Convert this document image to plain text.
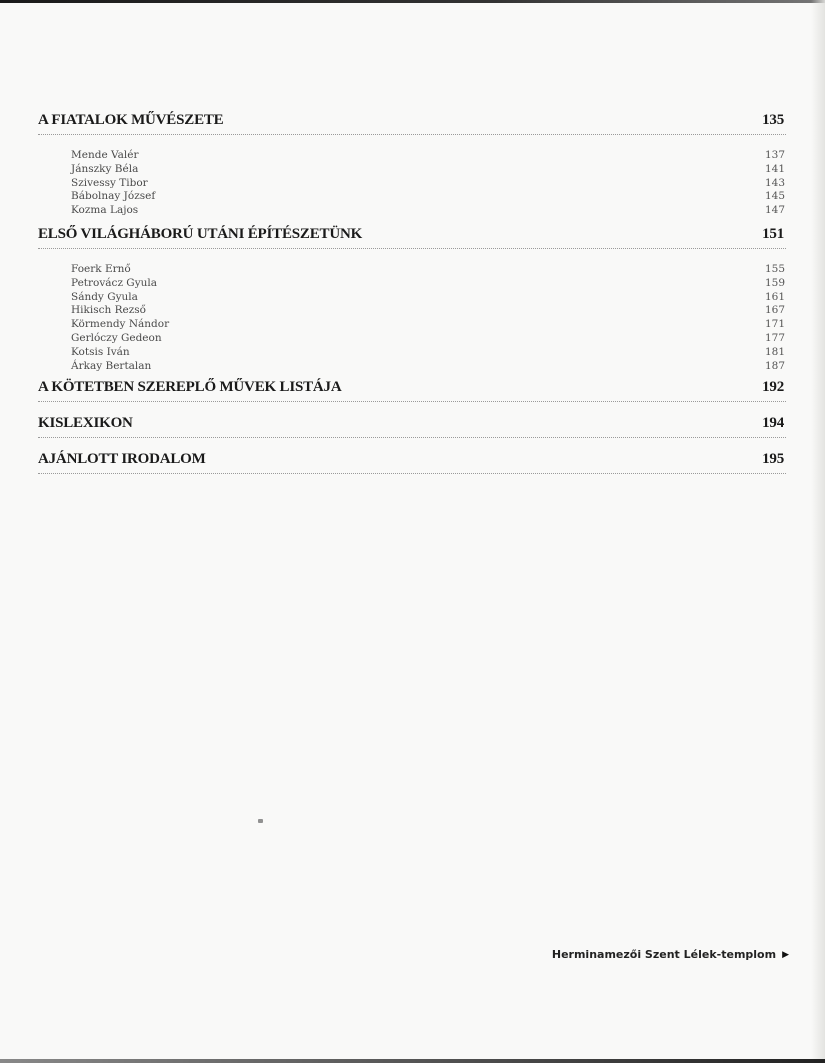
A FIATALOK MŰVÉSZETE	135
Mende Valér	137
Jánszky Béla	141
Szivessy Tibor	143
Bábolnay József	145
Kozma Lajos	147
ELSŐ VILÁGHÁBORÚ UTÁNI ÉPÍTÉSZETÜNK	151
Foerk Ernő	155
Petrovácz Gyula	159
Sándy Gyula	161
Hikisch Rezső	167
Körmendy Nándor	171
Gerlóczy Gedeon	177
Kotsis Iván	181
Árkay Bertalan	187
A KÖTETBEN SZEREPLŐ MŰVEK LISTÁJA	192
KISLEXIKON	194
AJÁNLOTT IRODALOM	195
Herminamezői Szent Lélek-templom ▶
